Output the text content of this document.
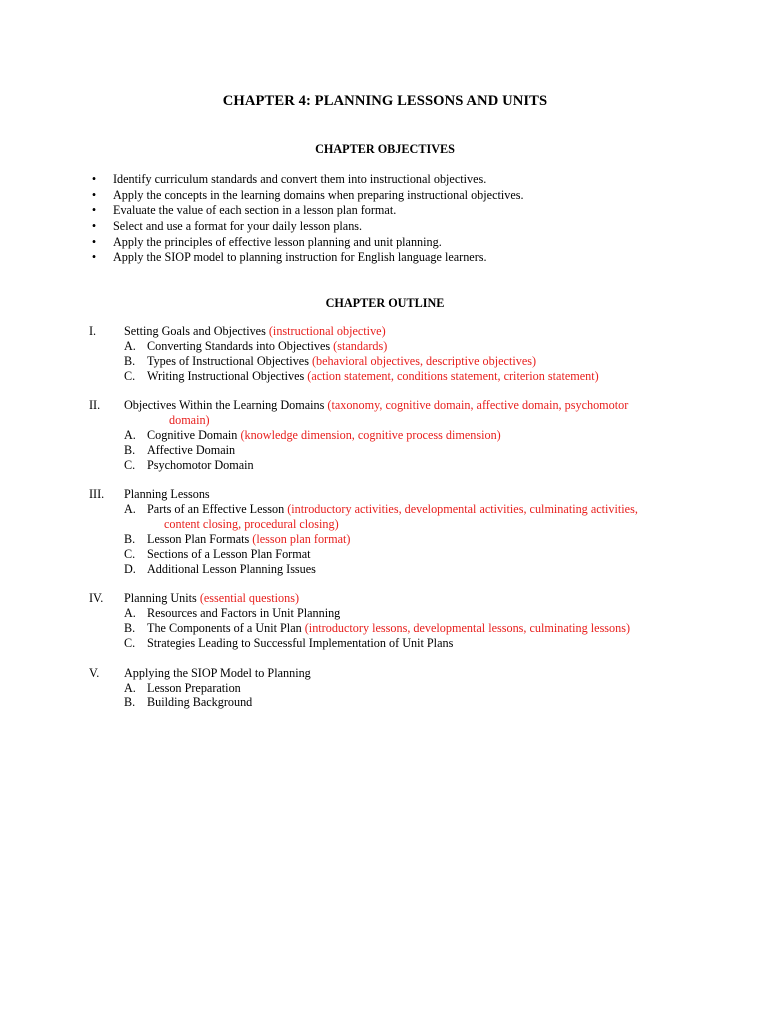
CHAPTER 4: PLANNING LESSONS AND UNITS
CHAPTER OBJECTIVES
•	Identify curriculum standards and convert them into instructional objectives.
•	Apply the concepts in the learning domains when preparing instructional objectives.
•	Evaluate the value of each section in a lesson plan format.
•	Select and use a format for your daily lesson plans.
•	Apply the principles of effective lesson planning and unit planning.
•	Apply the SIOP model to planning instruction for English language learners.
CHAPTER OUTLINE
I. Setting Goals and Objectives (instructional objective)
A. Converting Standards into Objectives (standards)
B. Types of Instructional Objectives (behavioral objectives, descriptive objectives)
C. Writing Instructional Objectives (action statement, conditions statement, criterion statement)
II. Objectives Within the Learning Domains (taxonomy, cognitive domain, affective domain, psychomotor
domain)
A. Cognitive Domain (knowledge dimension, cognitive process dimension)
B. Affective Domain
C. Psychomotor Domain
III. Planning Lessons
A. Parts of an Effective Lesson (introductory activities, developmental activities, culminating activities,
content closing, procedural closing)
B. Lesson Plan Formats (lesson plan format)
C. Sections of a Lesson Plan Format
D. Additional Lesson Planning Issues
IV. Planning Units (essential questions)
A. Resources and Factors in Unit Planning
B. The Components of a Unit Plan (introductory lessons, developmental lessons, culminating lessons)
C. Strategies Leading to Successful Implementation of Unit Plans
V. Applying the SIOP Model to Planning
A. Lesson Preparation
B. Building Background
